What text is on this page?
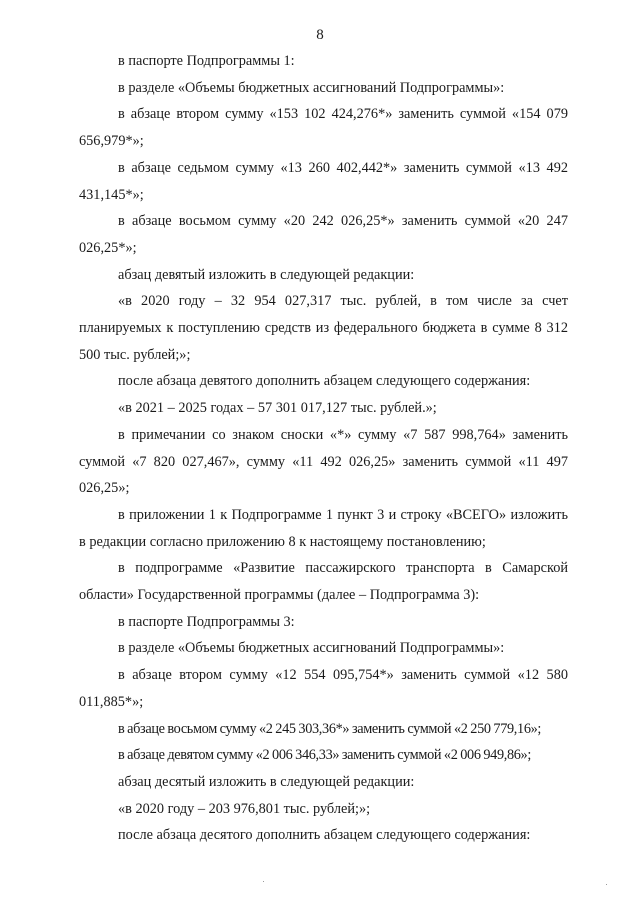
8

в паспорте Подпрограммы 1:

в разделе «Объемы бюджетных ассигнований Подпрограммы»:

в абзаце втором сумму «153 102 424,276*» заменить суммой «154 079 656,979*»;

в абзаце седьмом сумму «13 260 402,442*» заменить суммой «13 492 431,145*»;

в абзаце восьмом сумму «20 242 026,25*» заменить суммой «20 247 026,25*»;

абзац девятый изложить в следующей редакции:

«в 2020 году – 32 954 027,317 тыс. рублей, в том числе за счет планируемых к поступлению средств из федерального бюджета в сумме 8 312 500 тыс. рублей;»;

после абзаца девятого дополнить абзацем следующего содержания:

«в 2021 – 2025 годах – 57 301 017,127 тыс. рублей.»;

в примечании со знаком сноски «*» сумму «7 587 998,764» заменить суммой «7 820 027,467», сумму «11 492 026,25» заменить суммой «11 497 026,25»;

в приложении 1 к Подпрограмме 1 пункт 3 и строку «ВСЕГО» изложить в редакции согласно приложению 8 к настоящему постановлению;

в подпрограмме «Развитие пассажирского транспорта в Самарской области» Государственной программы (далее – Подпрограмма 3):

в паспорте Подпрограммы 3:

в разделе «Объемы бюджетных ассигнований Подпрограммы»:

в абзаце втором сумму «12 554 095,754*» заменить суммой «12 580 011,885*»;

в абзаце восьмом сумму «2 245 303,36*» заменить суммой «2 250 779,16»;

в абзаце девятом сумму «2 006 346,33» заменить суммой «2 006 949,86»;

абзац десятый изложить в следующей редакции:

«в 2020 году – 203 976,801 тыс. рублей;»;

после абзаца десятого дополнить абзацем следующего содержания:
